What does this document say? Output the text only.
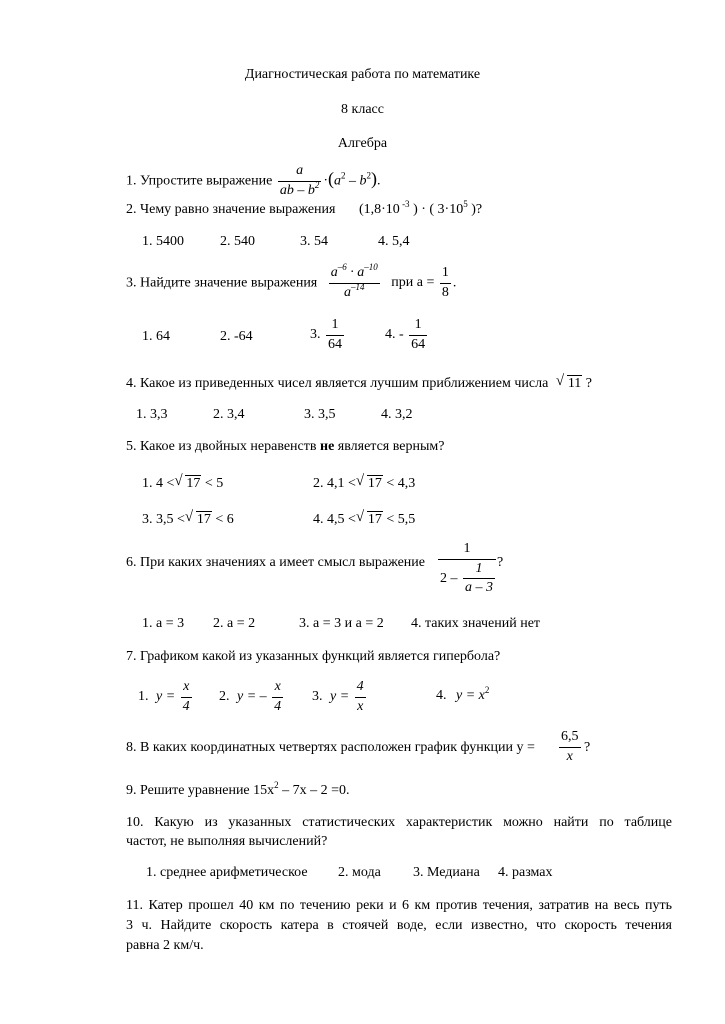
Диагностическая работа по математике
8 класс
Алгебра
1. Упростите выражение $\frac{a}{ab - b^2} \cdot(a^2 - b^2)$.
2. Чему равно значение выражения (1,8·10 $^{-3}$ ) · ( $3\cdot 10^5$ )?
1. 5400	2. 540	3. 54	4. 5,4
3. Найдите значение выражения $\frac{a^{-6} \cdot a^{-10}}{a^{-14}}$ при $a = \frac{1}{8}$ .
1. 64	2. -64	3. $\frac{1}{64}$	4. - $\frac{1}{64}$
4. Какое из приведенных чисел является лучшим приближением числа √ 11 ?
1. 3,3	2. 3,4	3. 3,5	4. 3,2
5. Какое из двойных неравенств не является верным?
1. 4 < √ 17 < 5	2. 4,1 < √ 17 < 4,3
3. 3,5 < √ 17 < 6	4. 4,5 < √ 17 < 5,5
6. При каких значениях a имеет смысл выражение $\frac{1}{2 - \frac{1}{a - 3}}$
?
1. a = 3 2. a = 2	3. a = 3 и a = 2 4. таких значений нет
7. Графиком какой из указанных функций является гипербола?
1. $y = \frac{x}{4} 2$. y = – $\frac{x}{4} 3$. $y = \frac{4}{x}$	4. $y = x^2$
8. В каких координатных четвертях расположен график функции $y = \frac{6,5}{x}$ ?
9. Решите уравнение $15x^2 - 7x - 2 =0$.
10. Какую из указанных статистических характеристик можно найти по таблице
частот, не выполняя вычислений?
1. среднее арифметическое 2. мода 3. Медиана 4. размах
11. Катер прошел 40 км по течению реки и 6 км против течения, затратив на весь путь
3 ч. Найдите скорость катера в стоячей воде, если известно, что скорость течения
равна 2 км/ч.
